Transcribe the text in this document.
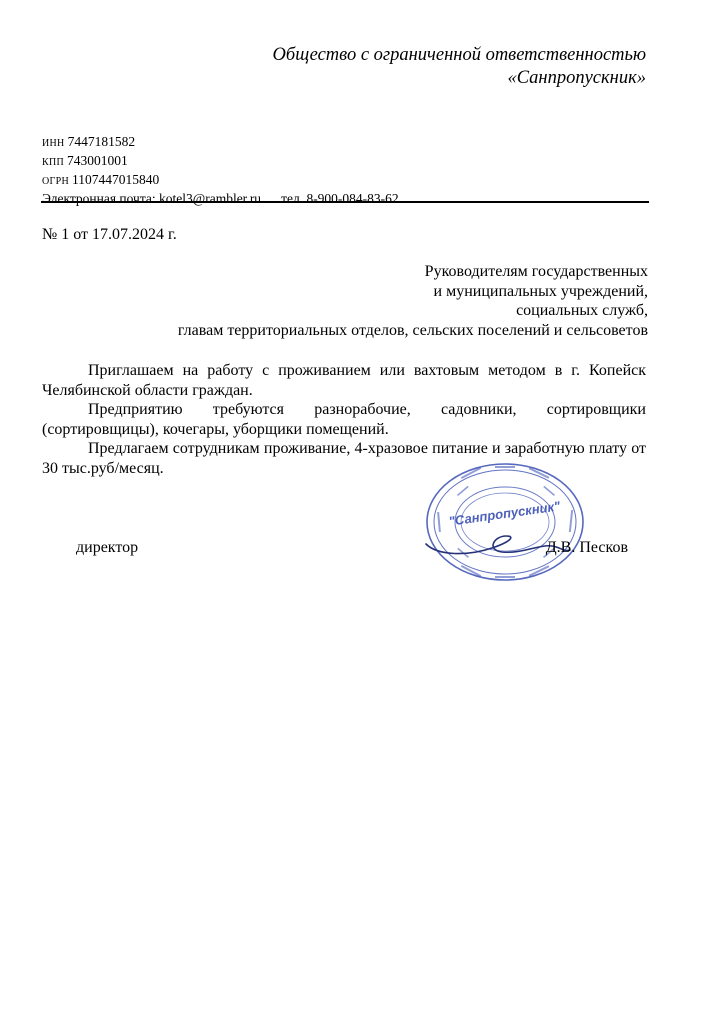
Общество с ограниченной ответственностью
«Санпропускник»
ИНН 7447181582
КПП 743001001
ОГРН 1107447015840
Электронная почта: kotel3@rambler.ru тел. 8-900-084-83-62
№ 1 от 17.07.2024 г.
Руководителям государственных
и муниципальных учреждений,
социальных служб,
главам территориальных отделов, сельских поселений и сельсоветов

Приглашаем на работу с проживанием или вахтовым методом в г. Копейск Челябинской области граждан.

Предприятию требуются разнорабочие, садовники, сортировщики (сортировщицы), кочегары, уборщики помещений.

Предлагаем сотрудникам проживание, 4-хразовое питание и заработную плату от 30 тыс.руб/месяц.

"Санпропускник"
директор	Д.В. Песков
